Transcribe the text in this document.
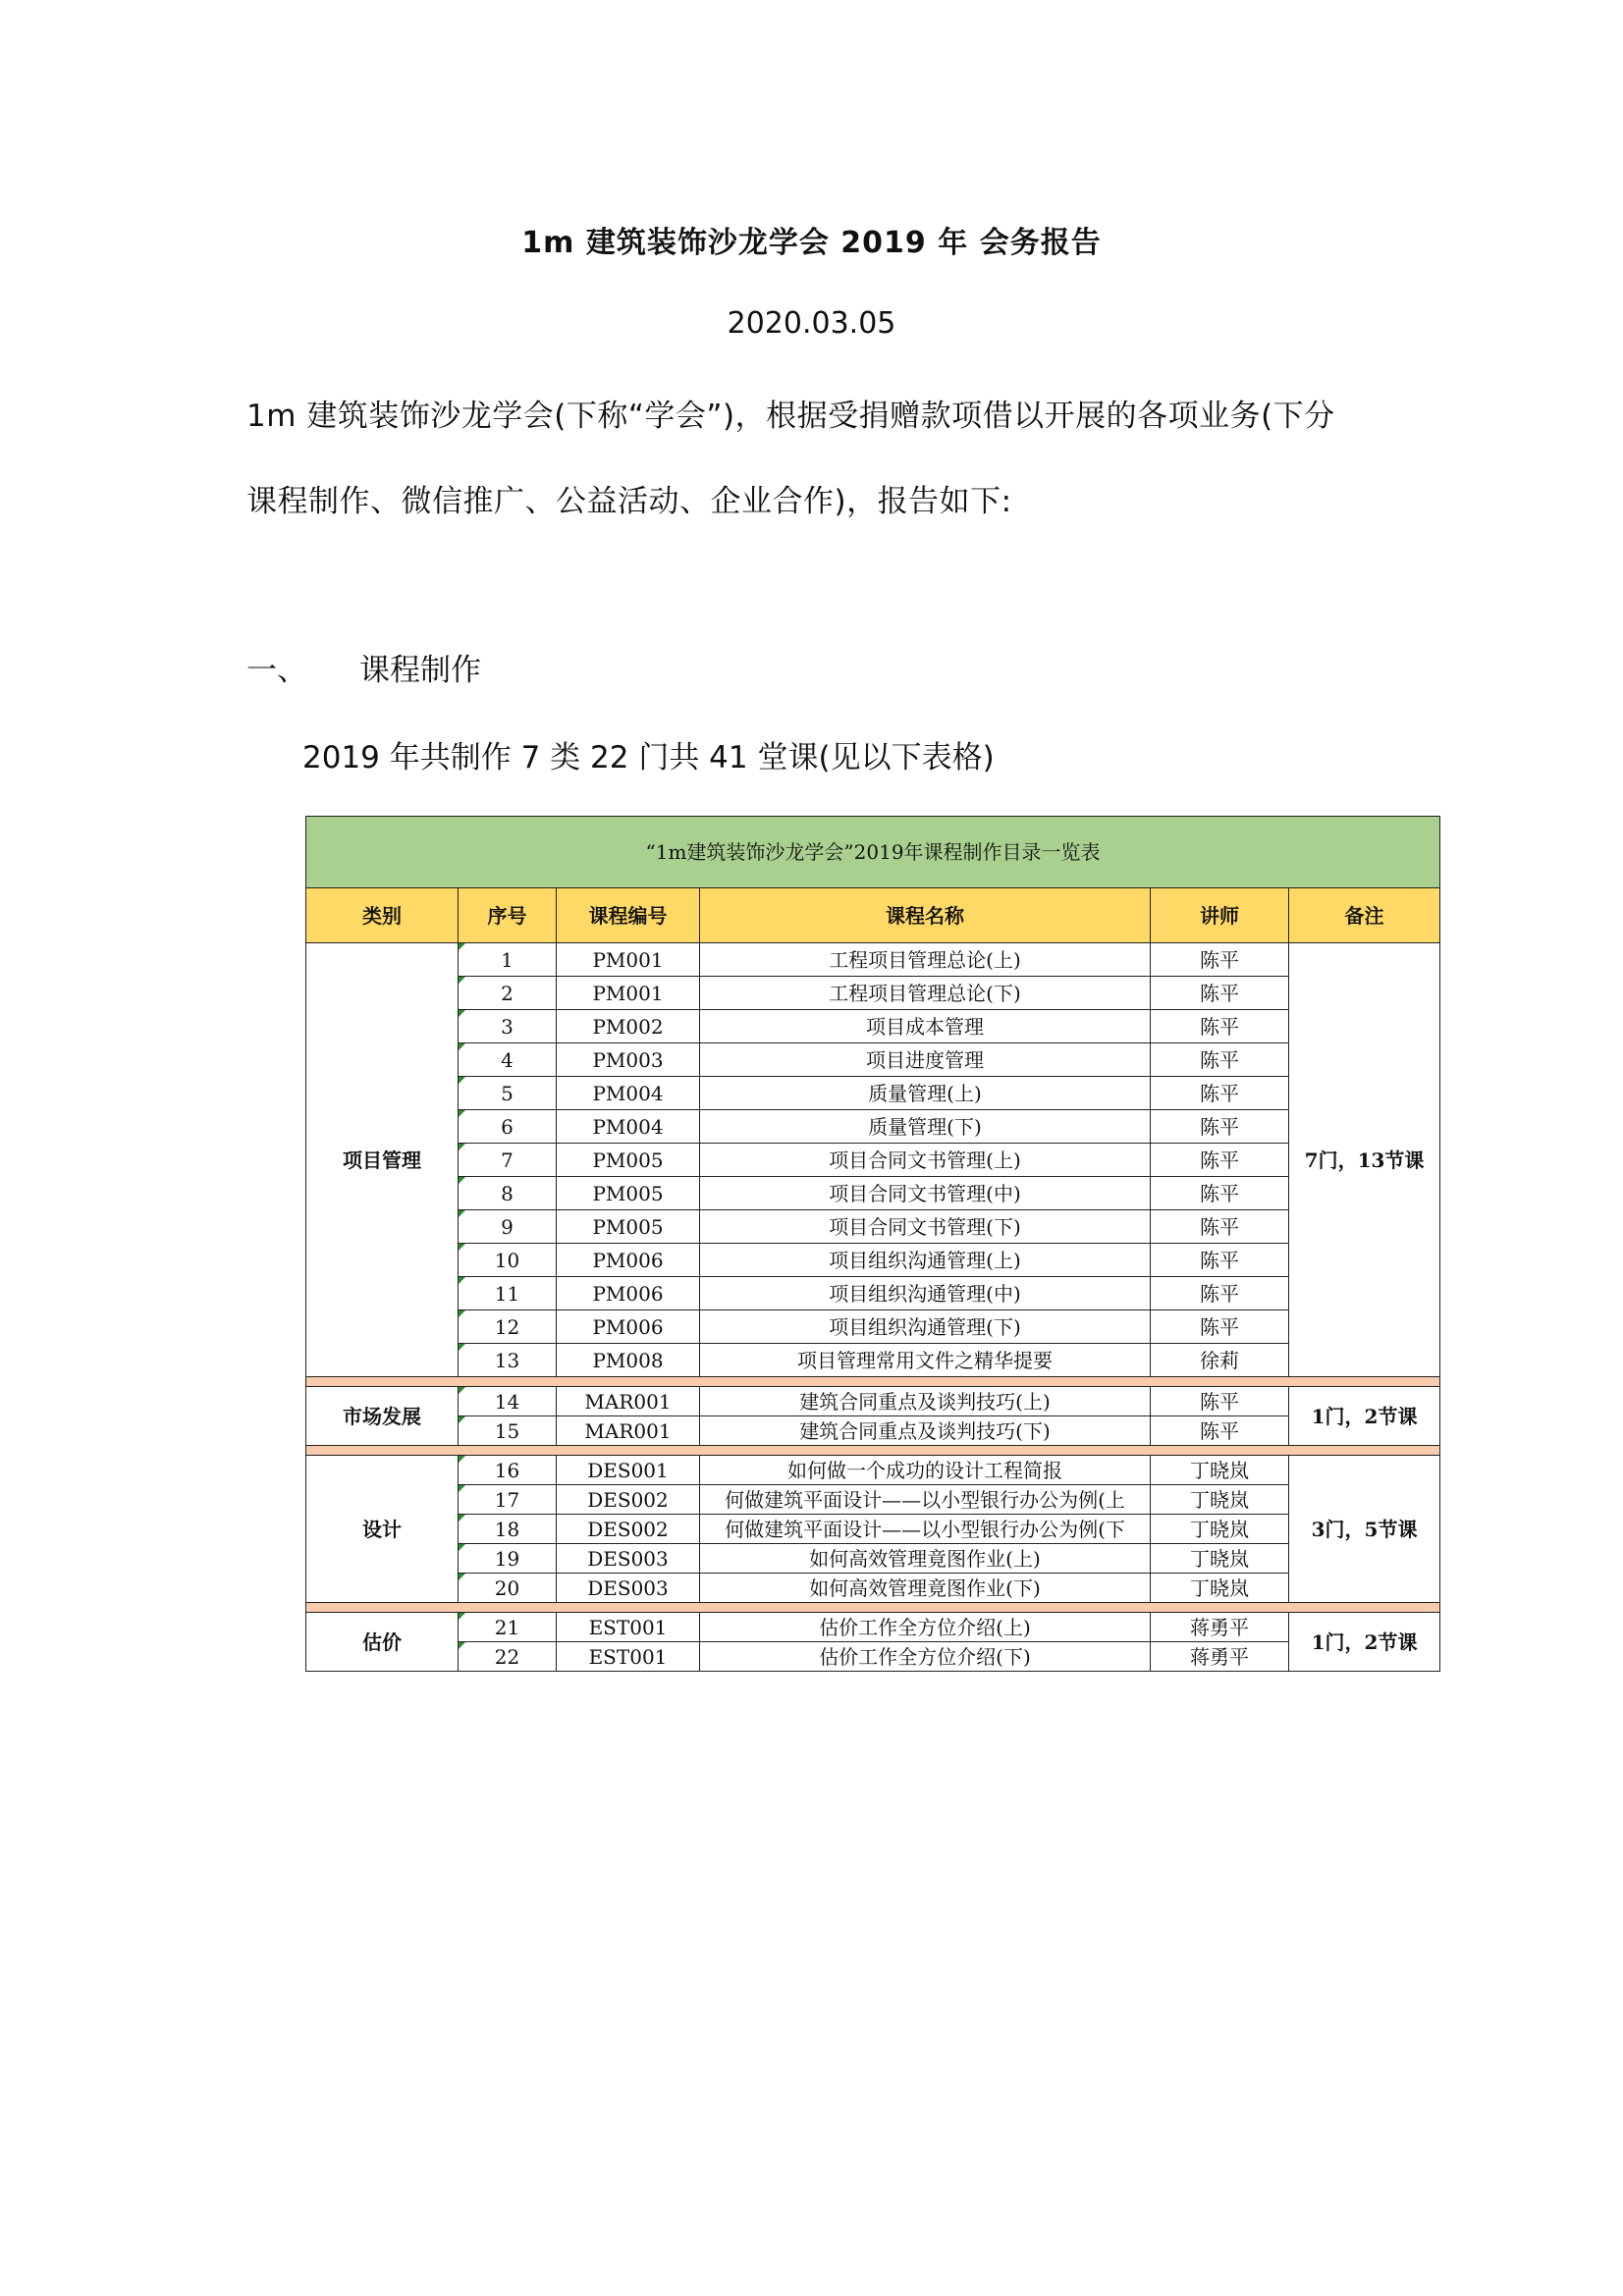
1m 建筑装饰沙龙学会 2019 年 会务报告
2020.03.05
1m 建筑装饰沙龙学会(下称“学会”)，根据受捐赠款项借以开展的各项业务(下分
课程制作、微信推广、公益活动、企业合作)，报告如下:
一、 课程制作
2019 年共制作 7 类 22 门共 41 堂课(见以下表格)
“1m建筑装饰沙龙学会”2019年课程制作目录一览表					
类别	序号	课程编号	课程名称	讲师	备注
项目管理	1	PM001	工程项目管理总论(上)	陈平	7门，13节课
	2	PM001	工程项目管理总论(下)	陈平	
	3	PM002	项目成本管理	陈平	
	4	PM003	项目进度管理	陈平	
	5	PM004	质量管理(上)	陈平	
	6	PM004	质量管理(下)	陈平	
	7	PM005	项目合同文书管理(上)	陈平	
	8	PM005	项目合同文书管理(中)	陈平	
	9	PM005	项目合同文书管理(下)	陈平	
	10	PM006	项目组织沟通管理(上)	陈平	
	11	PM006	项目组织沟通管理(中)	陈平	
	12	PM006	项目组织沟通管理(下)	陈平	
	13	PM008	项目管理常用文件之精华提要	徐莉	

市场发展	14	MAR001	建筑合同重点及谈判技巧(上)	陈平	1门，2节课
	15	MAR001	建筑合同重点及谈判技巧(下)	陈平	

设计	16	DES001	如何做一个成功的设计工程简报	丁晓岚	3门，5节课
	17	DES002	何做建筑平面设计——以小型银行办公为例(上	丁晓岚	
	18	DES002	何做建筑平面设计——以小型银行办公为例(下	丁晓岚	
	19	DES003	如何高效管理竟图作业(上)	丁晓岚	
	20	DES003	如何高效管理竟图作业(下)	丁晓岚	

估价	21	EST001	估价工作全方位介绍(上)	蒋勇平	1门，2节课
	22	EST001	估价工作全方位介绍(下)	蒋勇平	
